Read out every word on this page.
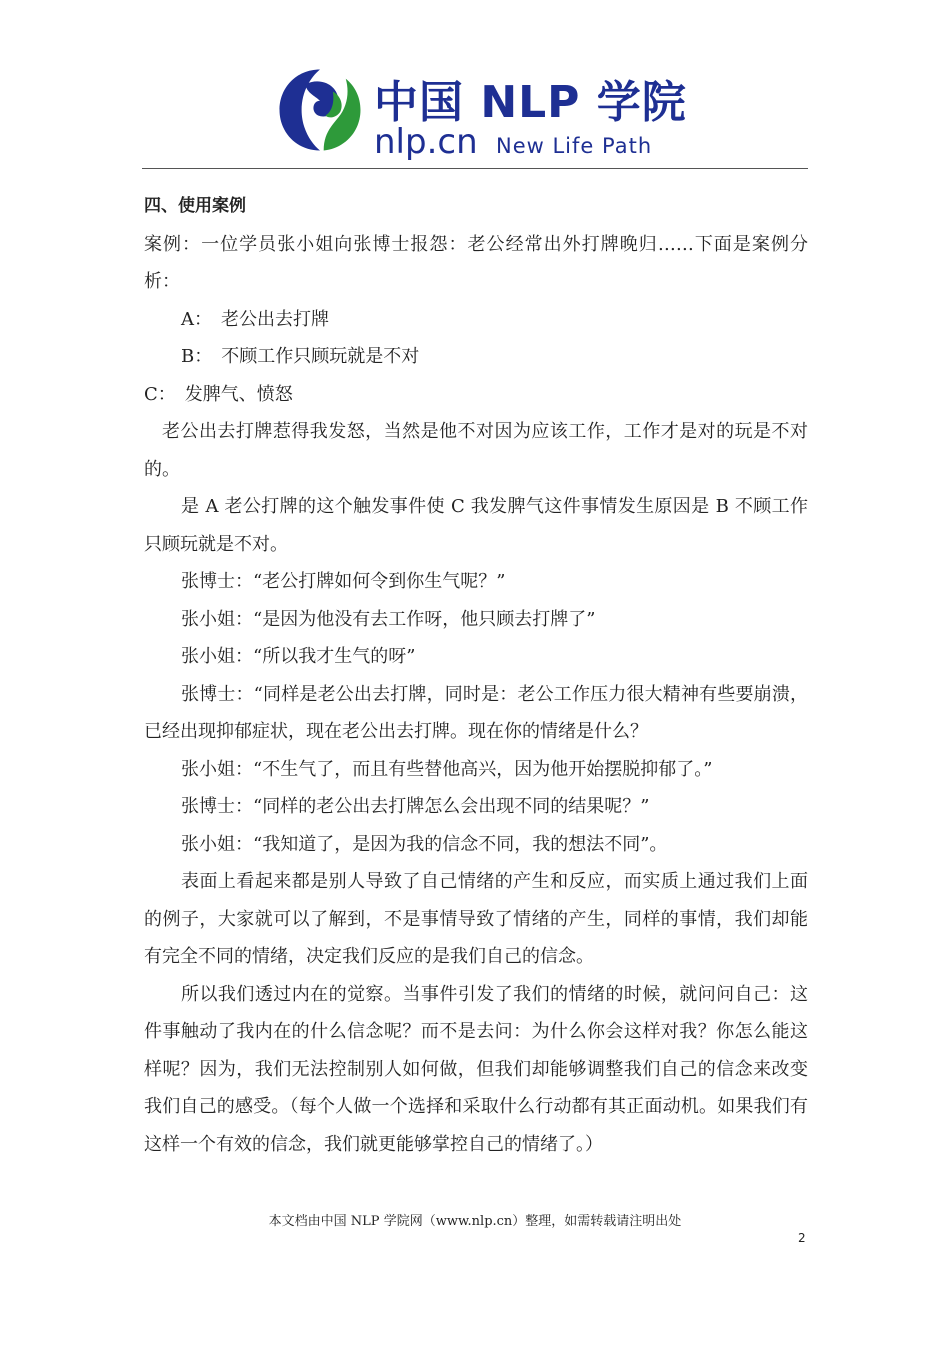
中国 NLP 学院
nlp.cn New Life Path

四、使用案例

案例：一位学员张小姐向张博士报怨：老公经常出外打牌晚归……下面是案例分析：

A：　老公出去打牌

B：　不顾工作只顾玩就是不对

C：　发脾气、愤怒

老公出去打牌惹得我发怒，当然是他不对因为应该工作，工作才是对的玩是不对的。

是 A 老公打牌的这个触发事件使 C 我发脾气这件事情发生原因是 B 不顾工作只顾玩就是不对。

张博士：“老公打牌如何令到你生气呢？”

张小姐：“是因为他没有去工作呀，他只顾去打牌了”

张小姐：“所以我才生气的呀”

张博士：“同样是老公出去打牌，同时是：老公工作压力很大精神有些要崩溃，已经出现抑郁症状，现在老公出去打牌。现在你的情绪是什么？

张小姐：“不生气了，而且有些替他高兴，因为他开始摆脱抑郁了。”

张博士：“同样的老公出去打牌怎么会出现不同的结果呢？”

张小姐：“我知道了，是因为我的信念不同，我的想法不同”。

表面上看起来都是别人导致了自己情绪的产生和反应，而实质上通过我们上面的例子，大家就可以了解到，不是事情导致了情绪的产生，同样的事情，我们却能有完全不同的情绪，决定我们反应的是我们自己的信念。

所以我们透过内在的觉察。当事件引发了我们的情绪的时候，就问问自己：这件事触动了我内在的什么信念呢？而不是去问：为什么你会这样对我？你怎么能这样呢？因为，我们无法控制别人如何做，但我们却能够调整我们自己的信念来改变我们自己的感受。（每个人做一个选择和采取什么行动都有其正面动机。如果我们有这样一个有效的信念，我们就更能够掌控自己的情绪了。）

本文档由中国 NLP 学院网（www.nlp.cn）整理，如需转载请注明出处
2
